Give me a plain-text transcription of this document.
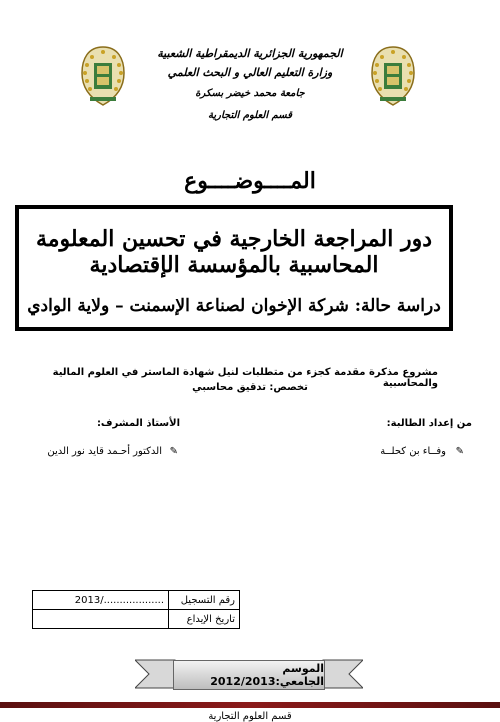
الجمهورية الجزائرية الديمقراطية الشعبية
وزارة التعليم العالي و البحث العلمي
جامعة محمد خيضر بسكرة
قسم العلوم التجارية
المــــوضــــوع
دور المراجعة الخارجية في تحسين المعلومة المحاسبية بالمؤسسة الإقتصادية
دراسة حالة: شركة الإخوان لصناعة الإسمنت – ولاية الوادي
مشروع مذكرة مقدمة كجزء من متطلبات لنيل شهادة الماستر في العلوم المالية والمحاسبية
تخصص: تدقيق محاسبي
من إعداد الطالبة:
الأستاذ المشرف:
✎
وفــاء بن كحلــة
✎
الدكتور أحـمد قايد نور الدين
رقم التسجيل	2013/...................
تاريخ الإيداع	
الموسم الجامعي:2012/2013
قسم العلوم التجارية
